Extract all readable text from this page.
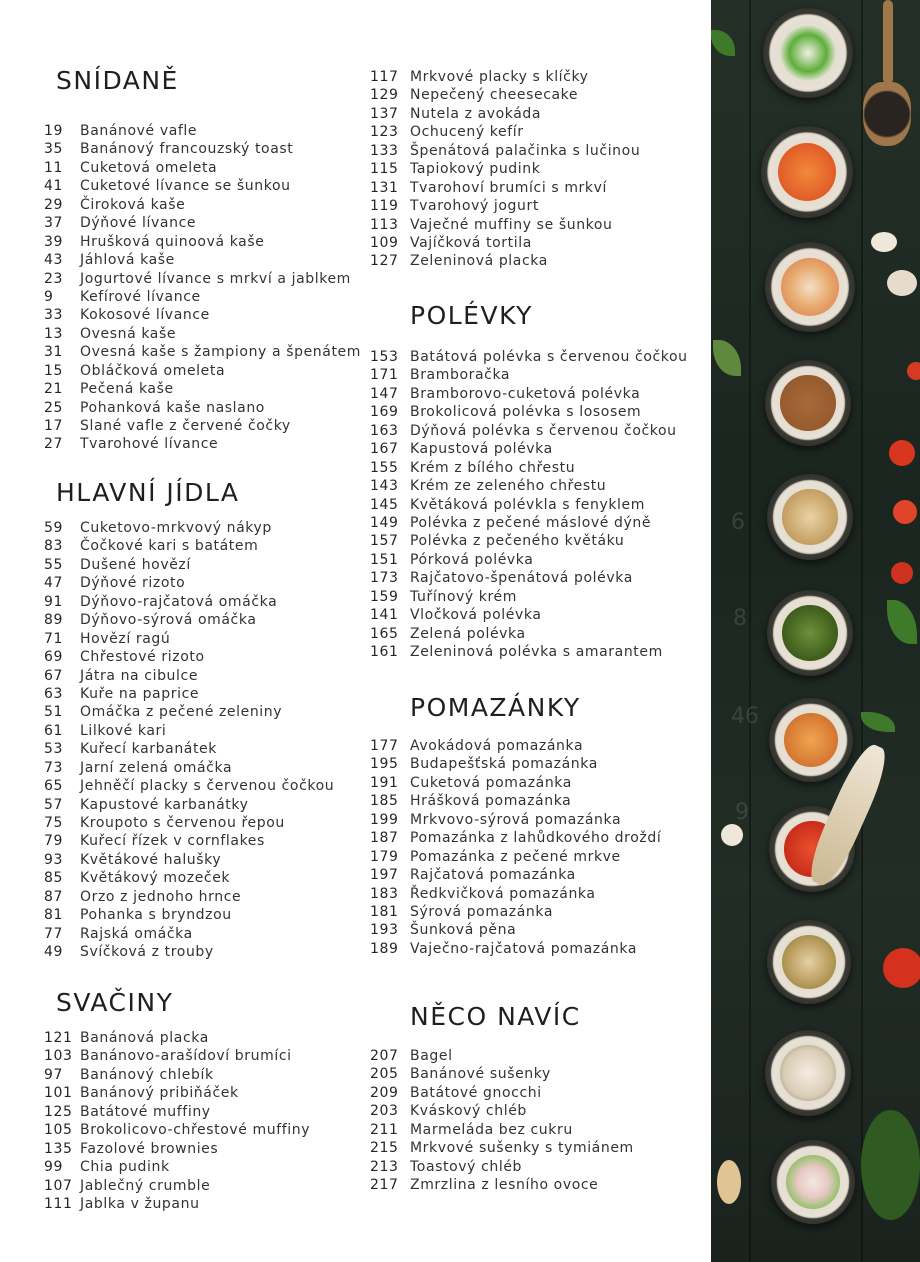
SNÍDANĚ
19	Banánové vafle
35	Banánový francouzský toast
11	Cuketová omeleta
41	Cuketové lívance se šunkou
29	Čiroková kaše
37	Dýňové lívance
39	Hrušková quinoová kaše
43	Jáhlová kaše
23	Jogurtové lívance s mrkví a jablkem
9	Kefírové lívance
33	Kokosové lívance
13	Ovesná kaše
31	Ovesná kaše s žampiony a špenátem
15	Obláčková omeleta
21	Pečená kaše
25	Pohanková kaše naslano
17	Slané vafle z červené čočky
27	Tvarohové lívance
HLAVNÍ JÍDLA
59	Cuketovo-mrkvový nákyp
83	Čočkové kari s batátem
55	Dušené hovězí
47	Dýňové rizoto
91	Dýňovo-rajčatová omáčka
89	Dýňovo-sýrová omáčka
71	Hovězí ragú
69	Chřestové rizoto
67	Játra na cibulce
63	Kuře na paprice
51	Omáčka z pečené zeleniny
61	Lilkové kari
53	Kuřecí karbanátek
73	Jarní zelená omáčka
65	Jehněčí placky s červenou čočkou
57	Kapustové karbanátky
75	Kroupoto s červenou řepou
79	Kuřecí řízek v cornflakes
93	Květákové halušky
85	Květákový mozeček
87	Orzo z jednoho hrnce
81	Pohanka s bryndzou
77	Rajská omáčka
49	Svíčková z trouby
SVAČINY
121 Banánová placka
103 Banánovo-arašídoví brumíci
97	Banánový chlebík
101 Banánový pribiňáček
125 Batátové muffiny
105 Brokolicovo-chřestové muffiny
135 Fazolové brownies
99	Chia pudink
107 Jablečný crumble
111 Jablka v županu
117 Mrkvové placky s klíčky
129 Nepečený cheesecake
137 Nutela z avokáda
123 Ochucený kefír
133 Špenátová palačinka s lučinou
115 Tapiokový pudink
131 Tvarohoví brumíci s mrkví
119 Tvarohový jogurt
113 Vaječné muffiny se šunkou
109 Vajíčková tortila
127 Zeleninová placka
POLÉVKY
153 Batátová polévka s červenou čočkou
171 Bramboračka
147 Bramborovo-cuketová polévka
169 Brokolicová polévka s lososem
163 Dýňová polévka s červenou čočkou
167 Kapustová polévka
155 Krém z bílého chřestu
143 Krém ze zeleného chřestu
145 Květáková polévkla s fenyklem
149 Polévka z pečené máslové dýně
157 Polévka z pečeného květáku
151 Pórková polévka
173 Rajčatovo-špenátová polévka
159 Tuřínový krém
141 Vločková polévka
165 Zelená polévka
161 Zeleninová polévka s amarantem
POMAZÁNKY
177 Avokádová pomazánka
195 Budapešťská pomazánka
191 Cuketová pomazánka
185 Hrášková pomazánka
199 Mrkvovo-sýrová pomazánka
187 Pomazánka z lahůdkového droždí
179 Pomazánka z pečené mrkve
197 Rajčatová pomazánka
183 Ředkvičková pomazánka
181 Sýrová pomazánka
193 Šunková pěna
189 Vaječno-rajčatová pomazánka
NĚCO NAVÍC
207 Bagel
205 Banánové sušenky
209 Batátové gnocchi
203 Kváskový chléb
211 Marmeláda bez cukru
215 Mrkvové sušenky s tymiánem
213 Toastový chléb
217 Zmrzlina z lesního ovoce
6
8
46
9
